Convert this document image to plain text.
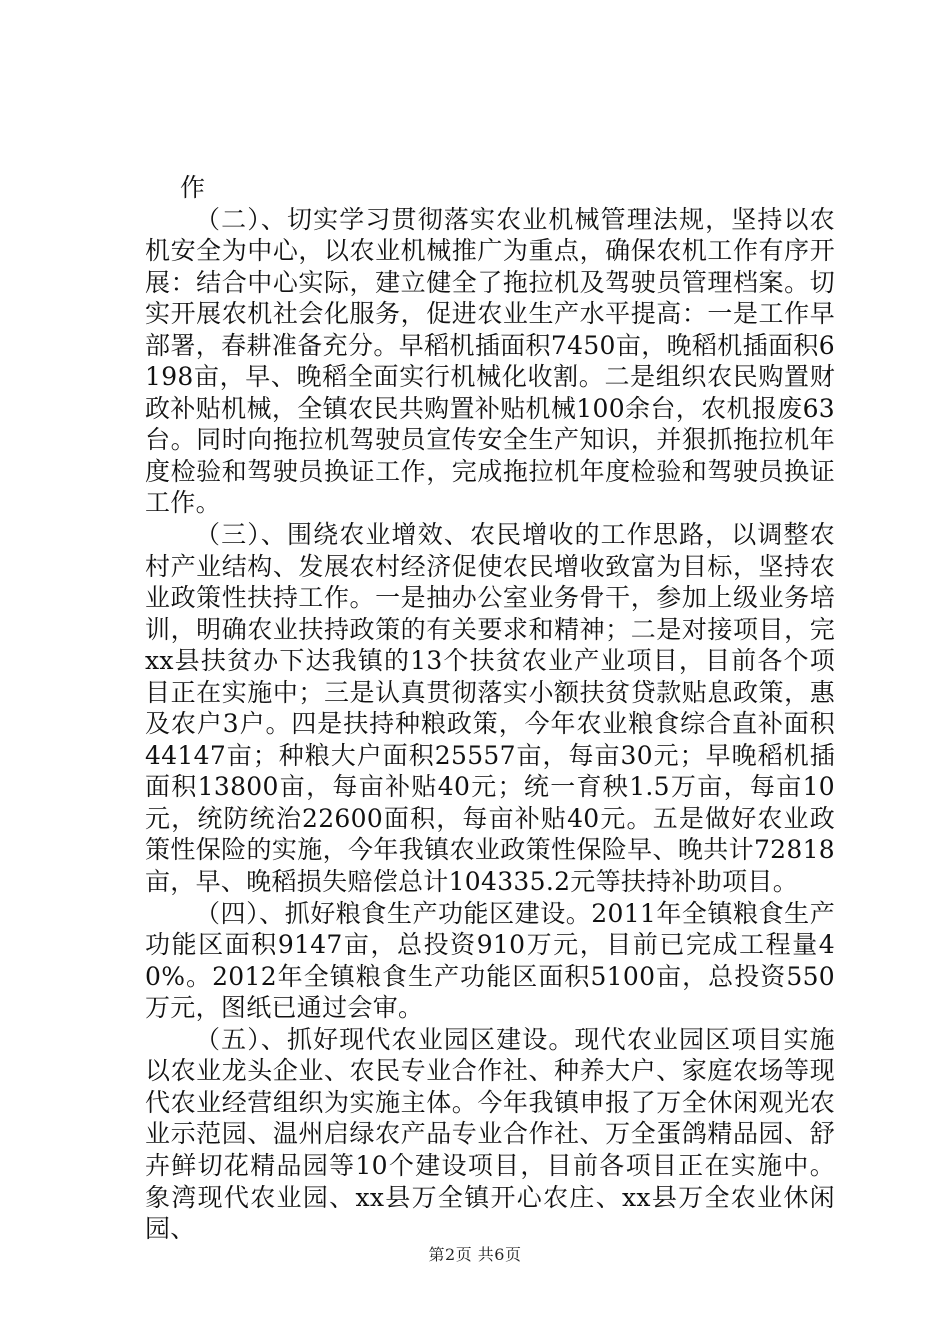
作

（二）、切实学习贯彻落实农业机械管理法规，坚持以农机安全为中心，以农业机械推广为重点，确保农机工作有序开展：结合中心实际，建立健全了拖拉机及驾驶员管理档案。切实开展农机社会化服务，促进农业生产水平提高：一是工作早部署，春耕准备充分。早稻机插面积7450亩，晚稻机插面积6198亩，早、晚稻全面实行机械化收割。二是组织农民购置财政补贴机械，全镇农民共购置补贴机械100余台，农机报废63台。同时向拖拉机驾驶员宣传安全生产知识，并狠抓拖拉机年度检验和驾驶员换证工作，完成拖拉机年度检验和驾驶员换证工作。

（三）、围绕农业增效、农民增收的工作思路，以调整农村产业结构、发展农村经济促使农民增收致富为目标，坚持农业政策性扶持工作。一是抽办公室业务骨干，参加上级业务培训，明确农业扶持政策的有关要求和精神；二是对接项目，完xx县扶贫办下达我镇的13个扶贫农业产业项目，目前各个项目正在实施中；三是认真贯彻落实小额扶贫贷款贴息政策，惠及农户3户。四是扶持种粮政策，今年农业粮食综合直补面积44147亩；种粮大户面积25557亩，每亩30元；早晚稻机插面积13800亩，每亩补贴40元；统一育秧1.5万亩，每亩10元，统防统治22600面积，每亩补贴40元。五是做好农业政策性保险的实施，今年我镇农业政策性保险早、晚共计72818亩，早、晚稻损失赔偿总计104335.2元等扶持补助项目。

（四）、抓好粮食生产功能区建设。2011年全镇粮食生产功能区面积9147亩，总投资910万元，目前已完成工程量40%。2012年全镇粮食生产功能区面积5100亩，总投资550万元，图纸已通过会审。

（五）、抓好现代农业园区建设。现代农业园区项目实施以农业龙头企业、农民专业合作社、种养大户、家庭农场等现代农业经营组织为实施主体。今年我镇申报了万全休闲观光农业示范园、温州启绿农产品专业合作社、万全蛋鸽精品园、舒卉鲜切花精品园等10个建设项目，目前各项目正在实施中。象湾现代农业园、xx县万全镇开心农庄、xx县万全农业休闲园、

第2页 共6页
